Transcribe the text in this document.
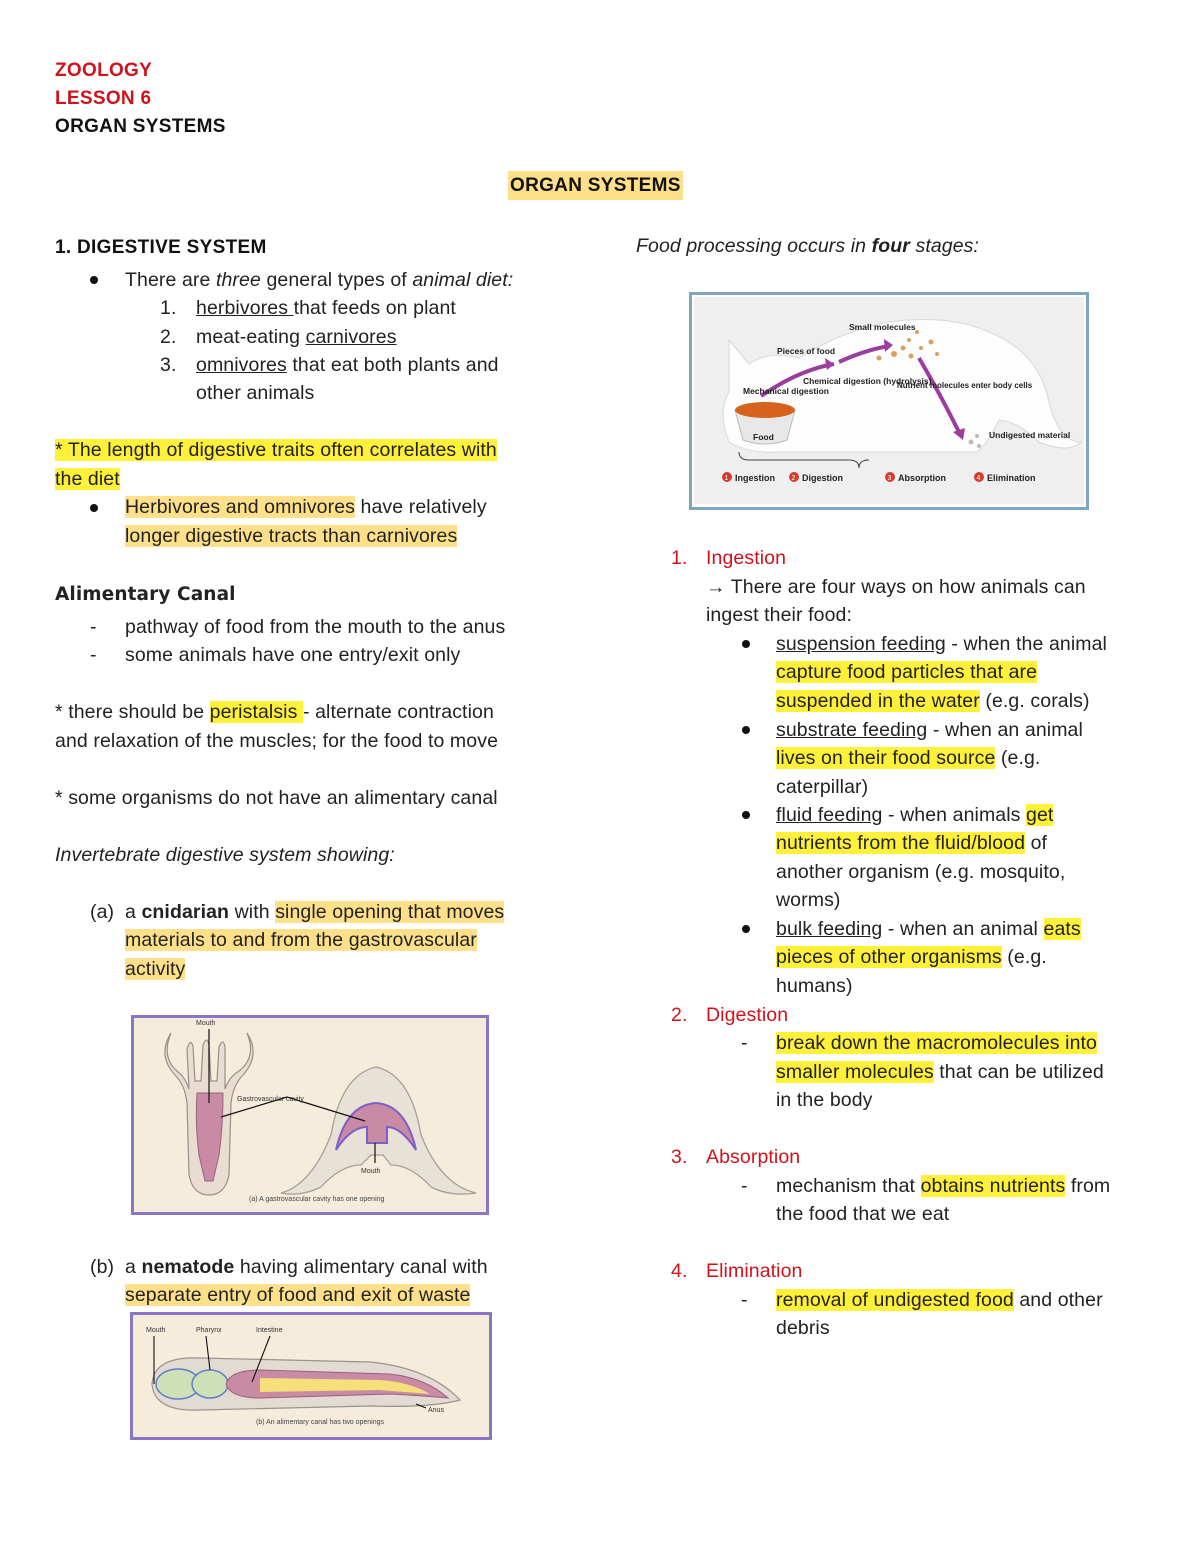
ZOOLOGY
LESSON 6
ORGAN SYSTEMS
ORGAN SYSTEMS
1. DIGESTIVE SYSTEM
There are three general types of animal diet:
1. herbivores that feeds on plant
2. meat-eating carnivores
3. omnivores that eat both plants and
other animals
* The length of digestive traits often correlates with
the diet
Herbivores and omnivores have relatively
longer digestive tracts than carnivores
Alimentary Canal
- pathway of food from the mouth to the anus
- some animals have one entry/exit only
* there should be peristalsis - alternate contraction
and relaxation of the muscles; for the food to move
* some organisms do not have an alimentary canal
Invertebrate digestive system showing:
(a) a cnidarian with single opening that moves
materials to and from the gastrovascular
activity
Mouth
Gastrovascular cavity
Mouth
(a) A gastrovascular cavity has one opening
(b) a nematode having alimentary canal with
separate entry of food and exit of waste
Mouth	Pharynx	Intestine
Anus
(b) An alimentary canal has two openings
Food processing occurs in four stages:
Small molecules
Pieces of food
Chemical digestion (hydrolysis)
Mechanical digestion
Nutrient molecules enter body cells
Food	Undigested material
1 Ingestion 2 Digestion	3 Absorption	4 Elimination
1. Ingestion
→ There are four ways on how animals can
ingest their food:
suspension feeding - when the animal
capture food particles that are
suspended in the water (e.g. corals)
substrate feeding - when an animal
lives on their food source (e.g.
caterpillar)
fluid feeding - when animals get
nutrients from the fluid/blood of
another organism (e.g. mosquito,
worms)
bulk feeding - when an animal eats
pieces of other organisms (e.g.
humans)
2. Digestion
- break down the macromolecules into
smaller molecules that can be utilized
in the body
3. Absorption
- mechanism that obtains nutrients from
the food that we eat
4. Elimination
- removal of undigested food and other
debris
